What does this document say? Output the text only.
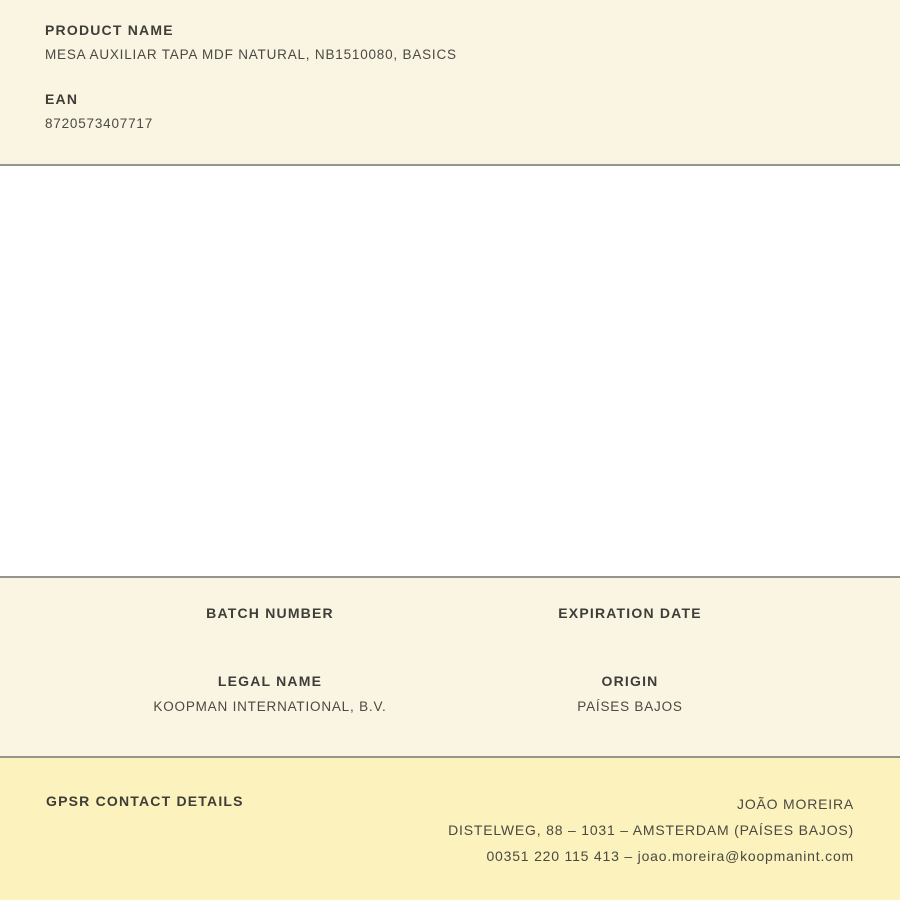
PRODUCT NAME
MESA AUXILIAR TAPA MDF NATURAL, NB1510080, BASICS
EAN
8720573407717
BATCH NUMBER	EXPIRATION DATE
LEGAL NAME
KOOPMAN INTERNATIONAL, B.V.
ORIGIN
PAÍSES BAJOS
GPSR CONTACT DETAILS	JOÃO MOREIRA
DISTELWEG, 88 – 1031 – AMSTERDAM (PAÍSES BAJOS)
00351 220 115 413 – joao.moreira@koopmanint.com
